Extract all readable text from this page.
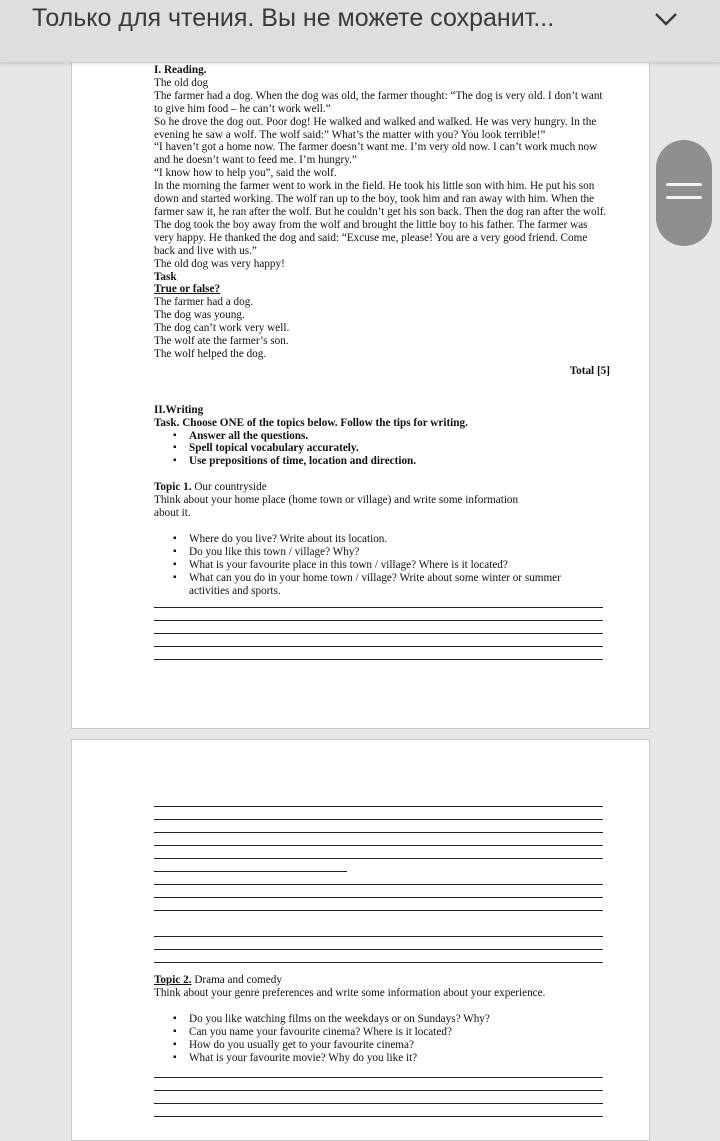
Только для чтения. Вы не можете сохранит...

I. Reading.

The old dog

The farmer had a dog. When the dog was old, the farmer thought: “The dog is very old. I don’t want to give him food – he can’t work well.”

So he drove the dog out. Poor dog! He walked and walked and walked. He was very hungry. In the evening he saw a wolf. The wolf said:” What’s the matter with you? You look terrible!”

“I haven’t got a home now. The farmer doesn’t want me. I’m very old now. I can’t work much now and he doesn’t want to feed me. I’m hungry.”

“I know how to help you”, said the wolf.

In the morning the farmer went to work in the field. He took his little son with him. He put his son down and started working. The wolf ran up to the boy, took him and ran away with him. When the farmer saw it, he ran after the wolf. But he couldn’t get his son back. Then the dog ran after the wolf. The dog took the boy away from the wolf and brought the little boy to his father. The farmer was very happy. He thanked the dog and said: “Excuse me, please! You are a very good friend. Come back and live with us.”

The old dog was very happy!

Task

True or false?

The farmer had a dog.

The dog was young.

The dog can’t work very well.

The wolf ate the farmer’s son.

The wolf helped the dog.

Total [5]

II.Writing

Task. Choose ONE of the topics below. Follow the tips for writing.

▪ Answer all the questions.
▪ Spell topical vocabulary accurately.
▪ Use prepositions of time, location and direction.

Topic 1. Our countryside

Think about your home place (home town or village) and write some information about it.

▪ Where do you live? Write about its location.
▪ Do you like this town / village? Why?
▪ What is your favourite place in this town / village? Where is it located?
▪ What can you do in your home town / village? Write about some winter or summer activities and sports.

Topic 2. Drama and comedy

Think about your genre preferences and write some information about your experience.

▪ Do you like watching films on the weekdays or on Sundays? Why?
▪ Can you name your favourite cinema? Where is it located?
▪ How do you usually get to your favourite cinema?
▪ What is your favourite movie? Why do you like it?
